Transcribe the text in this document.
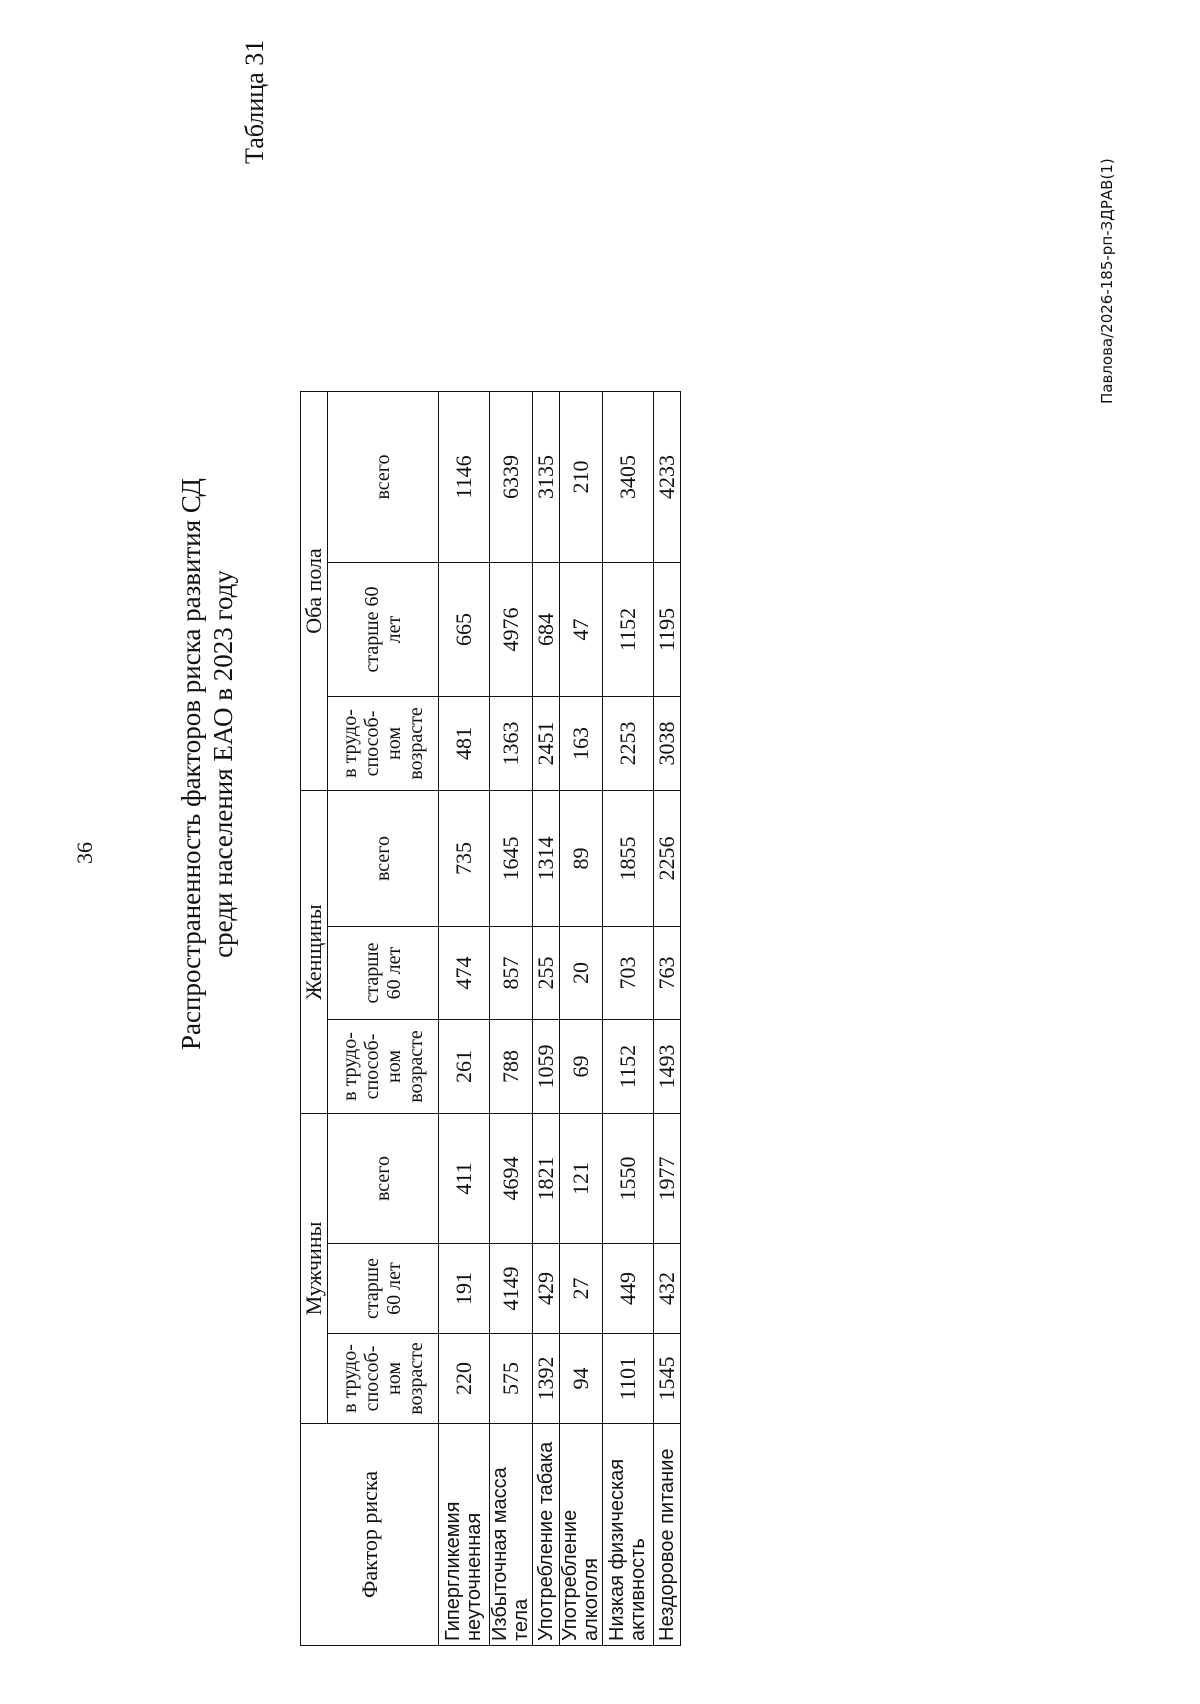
36	Распространенность факторов риска развития СД среди населения ЕАО в 2023 году
Таблица 31
Фактор риска	Мужчины			Женщины			Оба пола		

	в трудо- способ- ном возрасте	старше 60 лет	всего	в трудо- способ- ном возрасте	старше 60 лет	всего	в трудо- способ- ном возрасте	старше 60 лет	всего
Гипергликемия неуточненная	220	191	411	261	474	735	481	665	1146
Избыточная масса тела	575	4149	4694	788	857	1645	1363	4976	6339
Употребление табака	1392	429	1821	1059	255	1314	2451	684	3135
Употребление алкоголя	94	27	121	69	20	89	163	47	210
Низкая физическая активность	1101	449	1550	1152	703	1855	2253	1152	3405
Нездоровое питание	1545	432	1977	1493	763	2256	3038	1195	4233
Павлова/2026-185-рп-ЗДРАВ(1)
